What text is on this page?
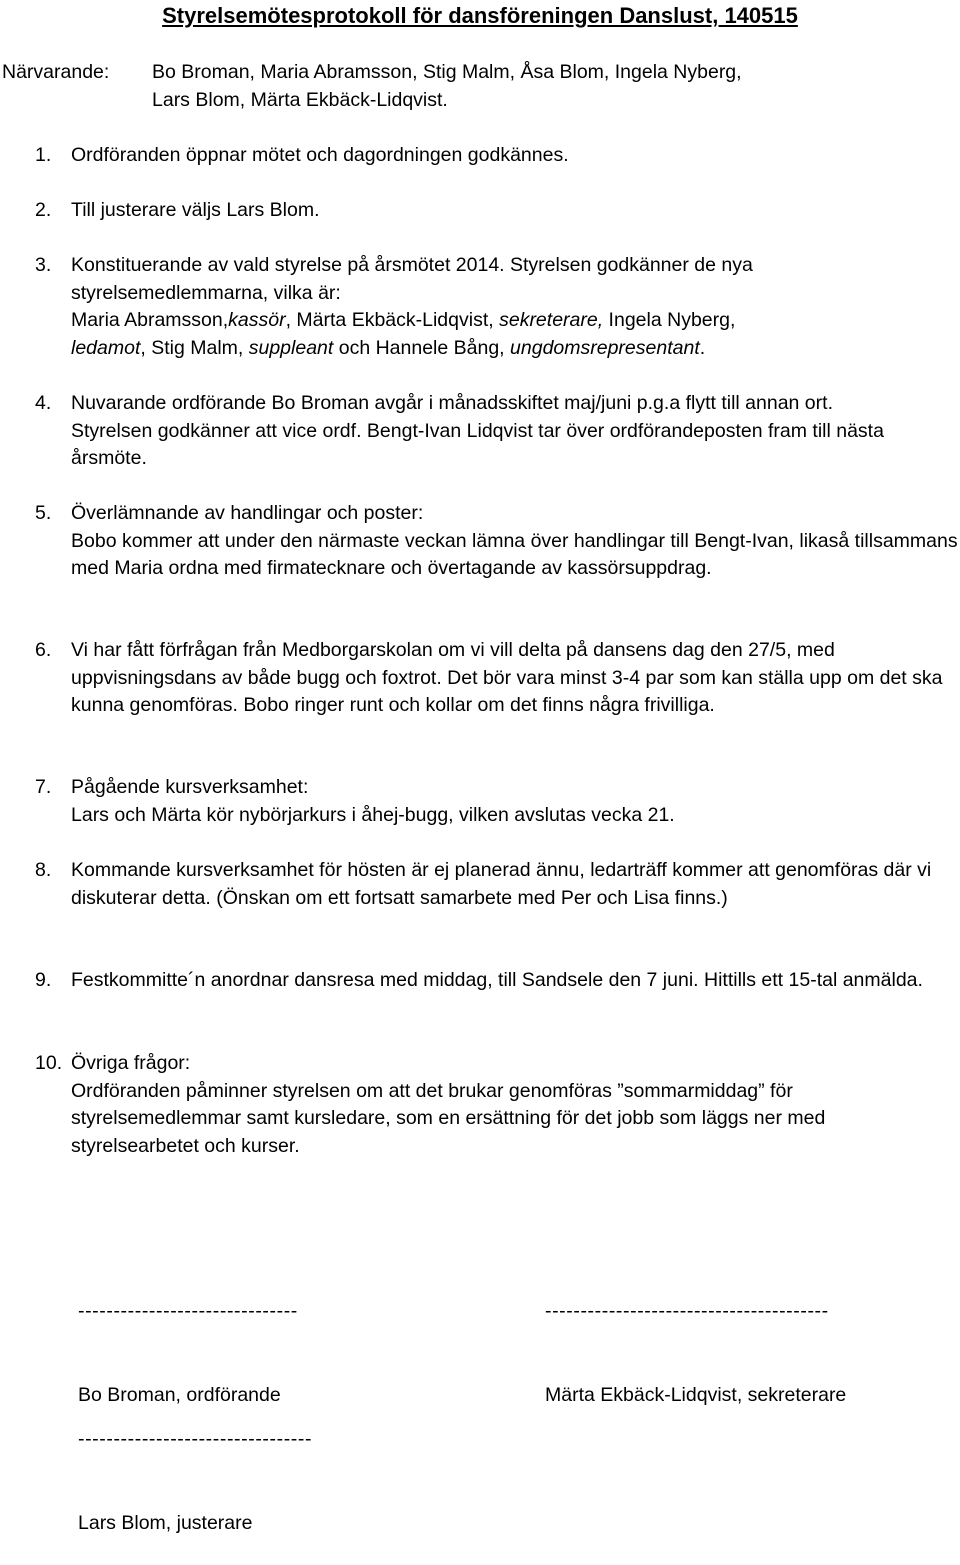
Styrelsemötesprotokoll för dansföreningen Danslust, 140515
Närvarande: Bo Broman, Maria Abramsson, Stig Malm, Åsa Blom, Ingela Nyberg,
Lars Blom, Märta Ekbäck-Lidqvist.
1. Ordföranden öppnar mötet och dagordningen godkännes.
2. Till justerare väljs Lars Blom.
3. Konstituerande av vald styrelse på årsmötet 2014. Styrelsen godkänner de nya
styrelsemedlemmarna, vilka är:
Maria Abramsson,kassör, Märta Ekbäck-Lidqvist, sekreterare, Ingela Nyberg,
ledamot, Stig Malm, suppleant och Hannele Bång, ungdomsrepresentant.
4. Nuvarande ordförande Bo Broman avgår i månadsskiftet maj/juni p.g.a flytt till annan ort. Styrelsen godkänner att vice ordf. Bengt-Ivan Lidqvist tar över ordförandeposten fram till nästa årsmöte.
5. Överlämnande av handlingar och poster:
Bobo kommer att under den närmaste veckan lämna över handlingar till Bengt-Ivan, likaså tillsammans med Maria ordna med firmatecknare och övertagande av kassörsuppdrag.
6. Vi har fått förfrågan från Medborgarskolan om vi vill delta på dansens dag den 27/5, med uppvisningsdans av både bugg och foxtrot. Det bör vara minst 3-4 par som kan ställa upp om det ska kunna genomföras. Bobo ringer runt och kollar om det finns några frivilliga.
7. Pågående kursverksamhet:
Lars och Märta kör nybörjarkurs i åhej-bugg, vilken avslutas vecka 21.
8. Kommande kursverksamhet för hösten är ej planerad ännu, ledarträff kommer att genomföras där vi diskuterar detta. (Önskan om ett fortsatt samarbete med Per och Lisa finns.)
9. Festkommitte´n anordnar dansresa med middag, till Sandsele den 7 juni. Hittills ett 15-tal anmälda.
10. Övriga frågor:
Ordföranden påminner styrelsen om att det brukar genomföras ”sommarmiddag” för styrelsemedlemmar samt kursledare, som en ersättning för det jobb som läggs ner med styrelsearbetet och kurser.

-------------------------------

Bo Broman, ordförande

----------------------------------------

Märta Ekbäck-Lidqvist, sekreterare

---------------------------------

Lars Blom, justerare
